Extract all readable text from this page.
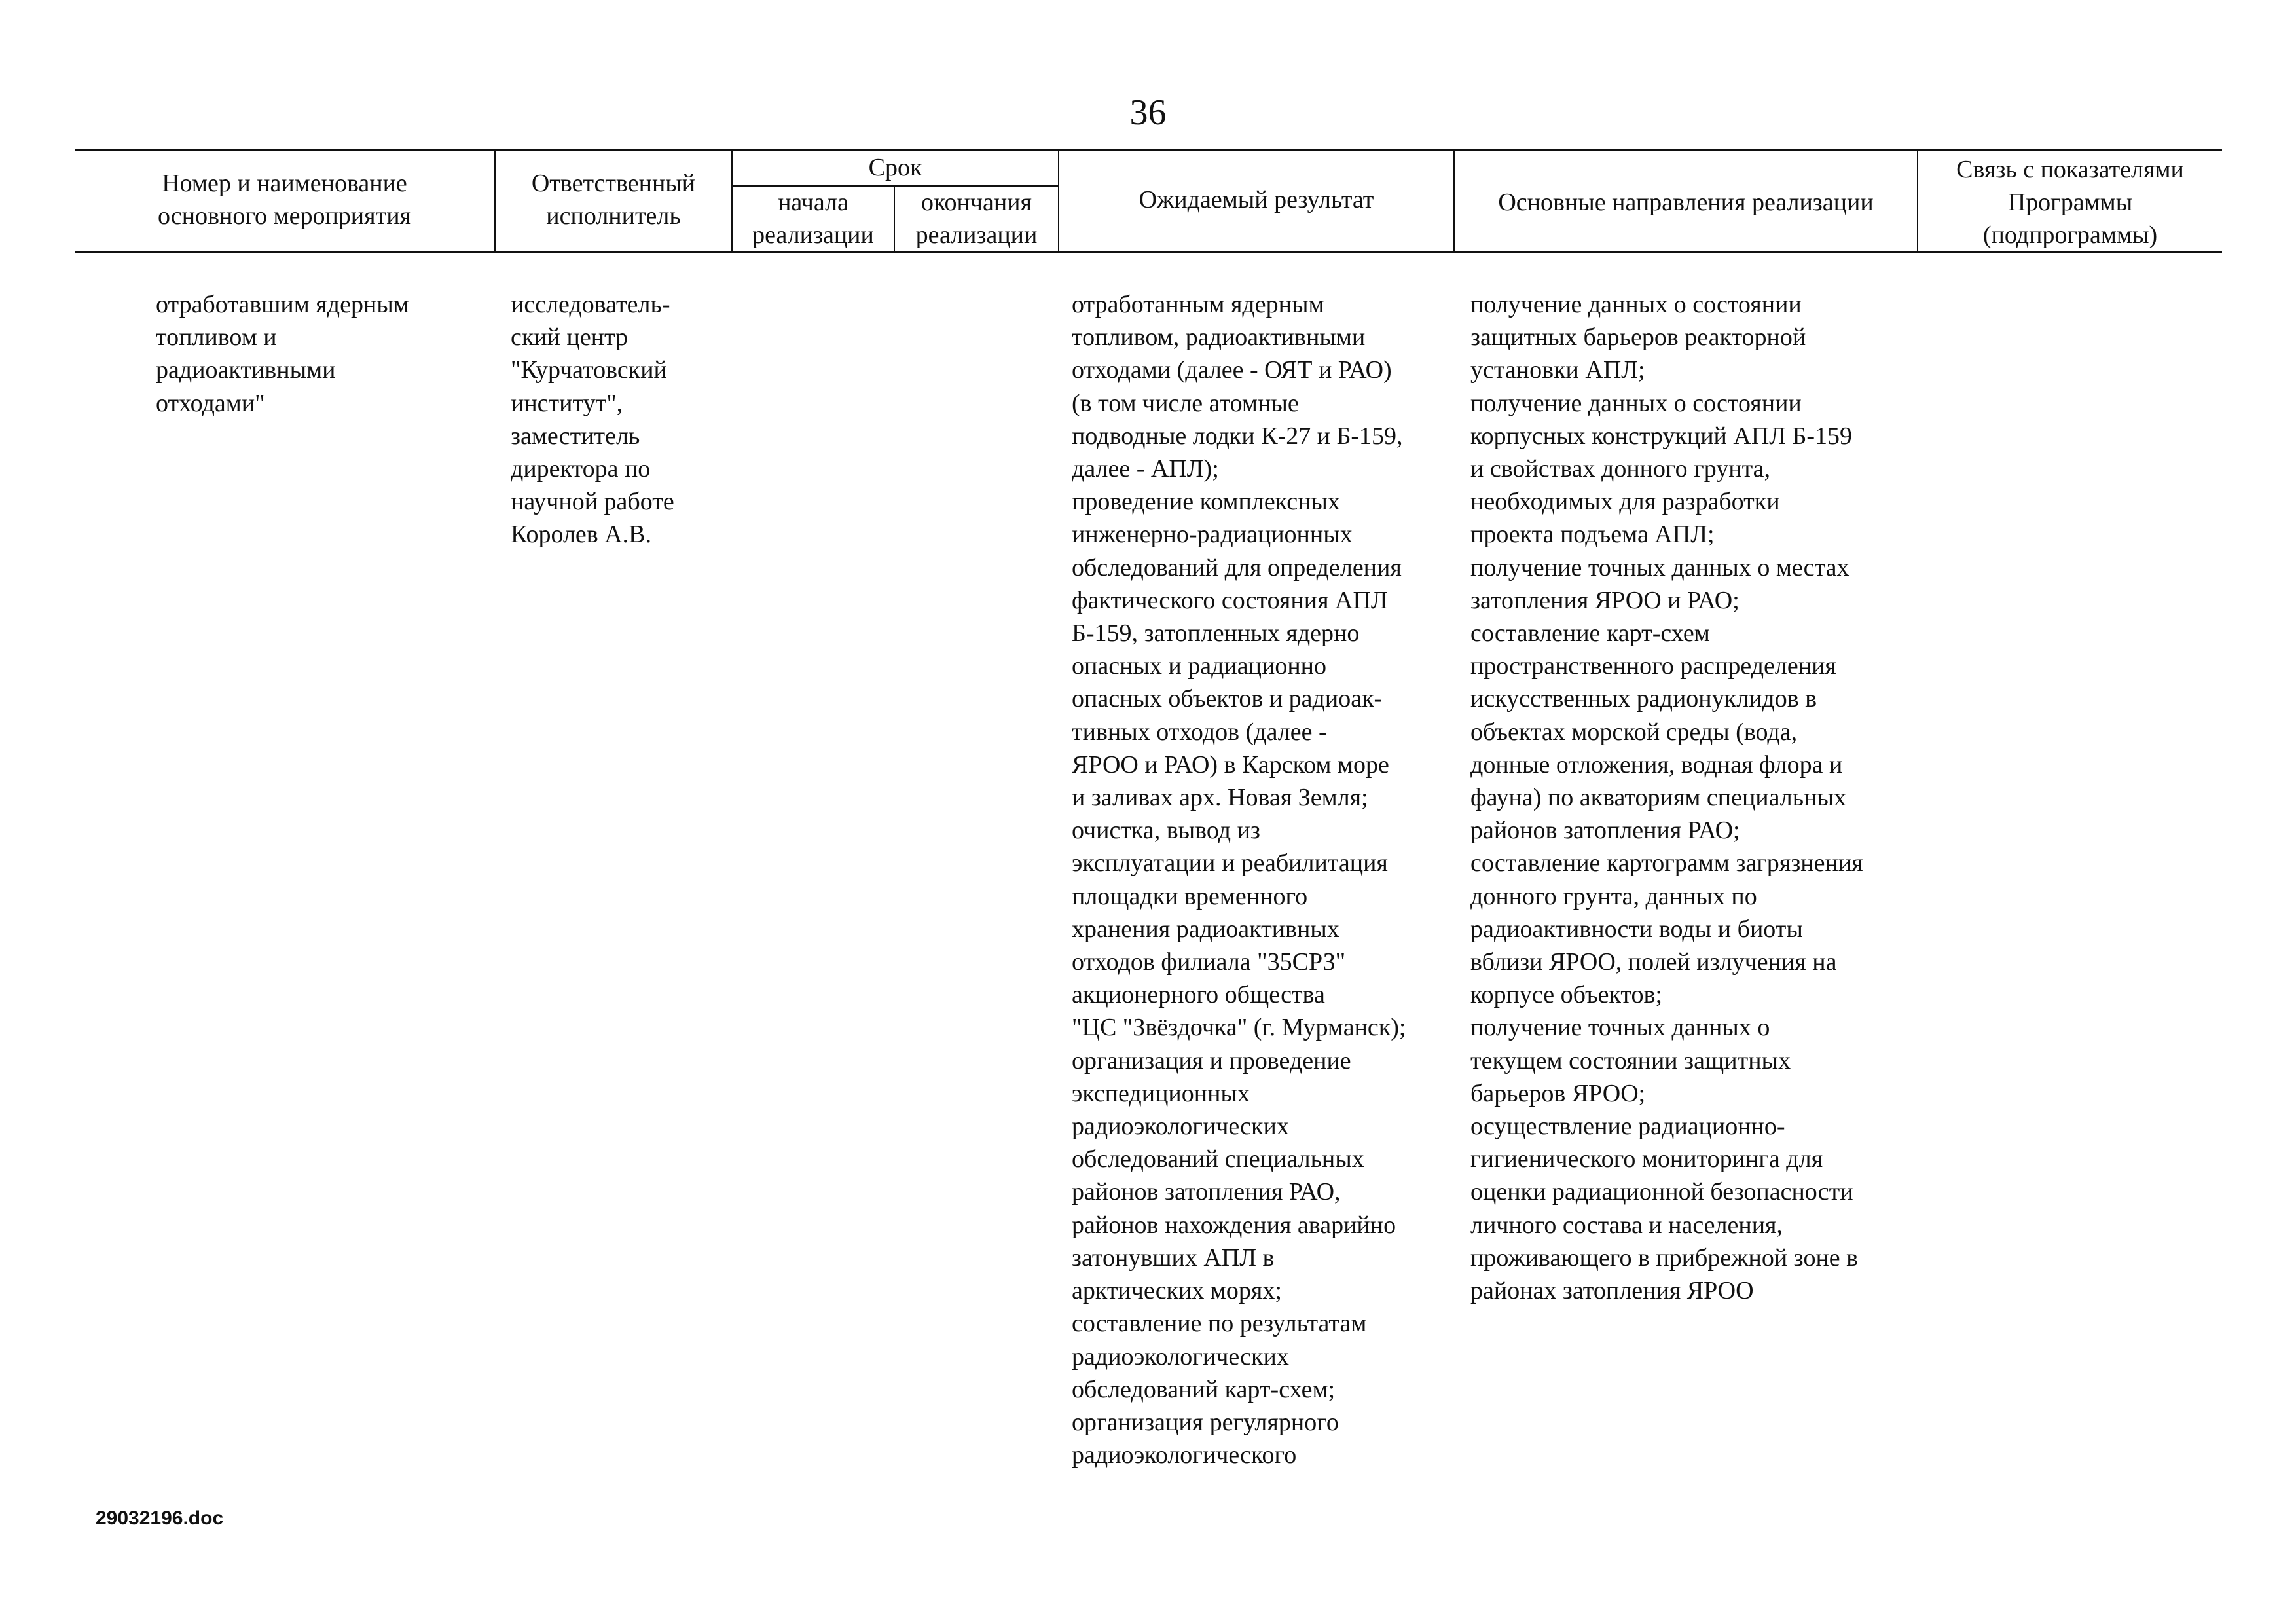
36
Номер и наименование
основного мероприятия
Ответственный
исполнитель
Срок
начала
реализации
окончания
реализации
Ожидаемый результат	Основные направления реализации
Связь с показателями
Программы
(подпрограммы)
отработавшим ядерным
топливом и
радиоактивными
отходами"
исследователь-
ский центр
"Курчатовский
институт",
заместитель
директора по
научной работе
Королев А.В.
отработанным ядерным
топливом, радиоактивными
отходами (далее - ОЯТ и РАО)
(в том числе атомные
подводные лодки К-27 и Б-159,
далее - АПЛ);
проведение комплексных
инженерно-радиационных
обследований для определения
фактического состояния АПЛ
Б-159, затопленных ядерно
опасных и радиационно
опасных объектов и радиоак-
тивных отходов (далее -
ЯРОО и РАО) в Карском море
и заливах арх. Новая Земля;
очистка, вывод из
эксплуатации и реабилитация
площадки временного
хранения радиоактивных
отходов филиала "35СРЗ"
акционерного общества
"ЦС "Звёздочка" (г. Мурманск);
организация и проведение
экспедиционных
радиоэкологических
обследований специальных
районов затопления РАО,
районов нахождения аварийно
затонувших АПЛ в
арктических морях;
составление по результатам
радиоэкологических
обследований карт-схем;
организация регулярного
радиоэкологического
получение данных о состоянии
защитных барьеров реакторной
установки АПЛ;
получение данных о состоянии
корпусных конструкций АПЛ Б-159
и свойствах донного грунта,
необходимых для разработки
проекта подъема АПЛ;
получение точных данных о местах
затопления ЯРОО и РАО;
составление карт-схем
пространственного распределения
искусственных радионуклидов в
объектах морской среды (вода,
донные отложения, водная флора и
фауна) по акваториям специальных
районов затопления РАО;
составление картограмм загрязнения
донного грунта, данных по
радиоактивности воды и биоты
вблизи ЯРОО, полей излучения на
корпусе объектов;
получение точных данных о
текущем состоянии защитных
барьеров ЯРОО;
осуществление радиационно-
гигиенического мониторинга для
оценки радиационной безопасности
личного состава и населения,
проживающего в прибрежной зоне в
районах затопления ЯРОО
29032196.doc
